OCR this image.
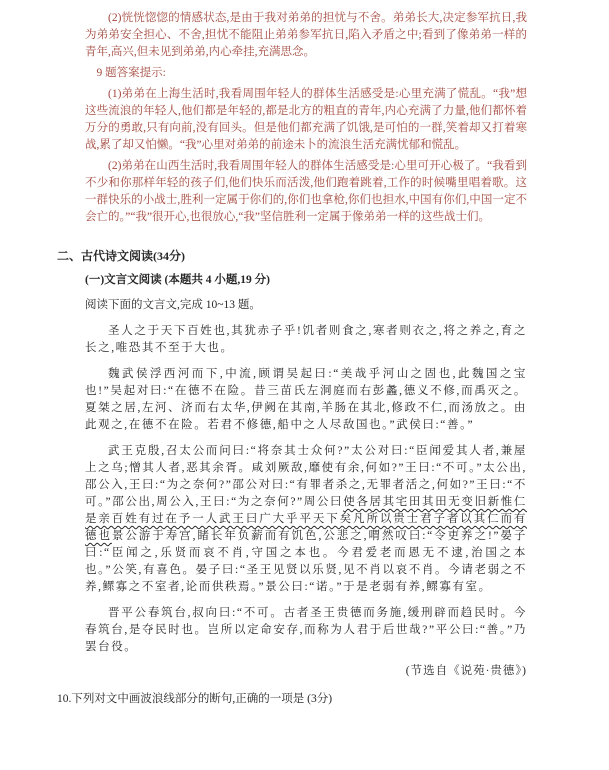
(2)恍恍惚惚的情感状态,是由于我对弟弟的担忧与不舍。弟弟长大,决定参军抗日,我为弟弟安全担心、不舍,担忧不能阻止弟弟参军抗日,陷入矛盾之中;看到了像弟弟一样的青年,高兴,但未见到弟弟,内心牵挂,充满思念。

9 题答案提示:

(1)弟弟在上海生活时,我看周围年轻人的群体生活感受是:心里充满了慌乱。“我”想这些流浪的年轻人,他们都是年轻的,都是北方的粗直的青年,内心充满了力量,他们都怀着万分的勇敢,只有向前,没有回头。但是他们都充满了饥饿,是可怕的一群,笑着却又打着寒战,累了却又怕懒。“我”心里对弟弟的前途未卜的流浪生活充满忧郁和慌乱。

(2)弟弟在山西生活时,我看周围年轻人的群体生活感受是:心里可开心极了。“我看到不少和你那样年轻的孩子们,他们快乐而活泼,他们跑着跳着,工作的时候嘴里唱着歌。这一群快乐的小战士,胜利一定属于你们的,你们也拿枪,你们也担水,中国有你们,中国一定不会亡的。”“我”很开心,也很放心,“我”坚信胜利一定属于像弟弟一样的这些战士们。

二、古代诗文阅读(34分)
(一)文言文阅读 (本题共 4 小题,19 分)

阅读下面的文言文,完成 10~13 题。

圣人之于天下百姓也,其犹赤子乎!饥者则食之,寒者则衣之,将之养之,育之长之,唯恐其不至于大也。

魏武侯浮西河而下,中流,顾谓吴起曰:“美哉乎河山之固也,此魏国之宝也!”吴起对曰:“在德不在险。昔三苗氏左洞庭而右彭蠡,德义不修,而禹灭之。夏桀之居,左河、济而右太华,伊阙在其南,羊肠在其北,修政不仁,而汤放之。由此观之,在德不在险。若君不修德,船中之人尽敌国也。”武侯曰:“善。”

武王克殷,召太公而问曰:“将奈其士众何?”太公对曰:“臣闻爱其人者,兼屋上之乌;憎其人者,恶其余胥。咸刘厥敌,靡使有余,何如?”王曰:“不可。”太公出,邵公入,王曰:“为之奈何?”邵公对曰:“有罪者杀之,无罪者活之,何如?”王曰:“不可。”邵公出,周公入,王曰:“为之奈何?”周公曰使各居其宅田其田无变旧新惟仁是亲百姓有过在予一人武王曰广大乎平天下矣凡所以贵士君子者以其仁而有德也景公游于寿宫,睹长年负薪而有饥色,公悲之,喟然叹曰:“令吏养之!”晏子曰:“臣闻之,乐贤而哀不肖,守国之本也。今君爱老而恩无不逮,治国之本也。”公笑,有喜色。晏子曰:“圣王见贤以乐贤,见不肖以哀不肖。今请老弱之不养,鳏寡之不室者,论而供秩焉。”景公曰:“诺。”于是老弱有养,鳏寡有室。

晋平公春筑台,叔向曰:“不可。古者圣王贵德而务施,缓刑辟而趋民时。今春筑台,是夺民时也。岂所以定命安存,而称为人君于后世哉?”平公曰:“善。”乃罢台役。

(节选自《说苑·贵德》)

10.下列对文中画波浪线部分的断句,正确的一项是 (3分)
